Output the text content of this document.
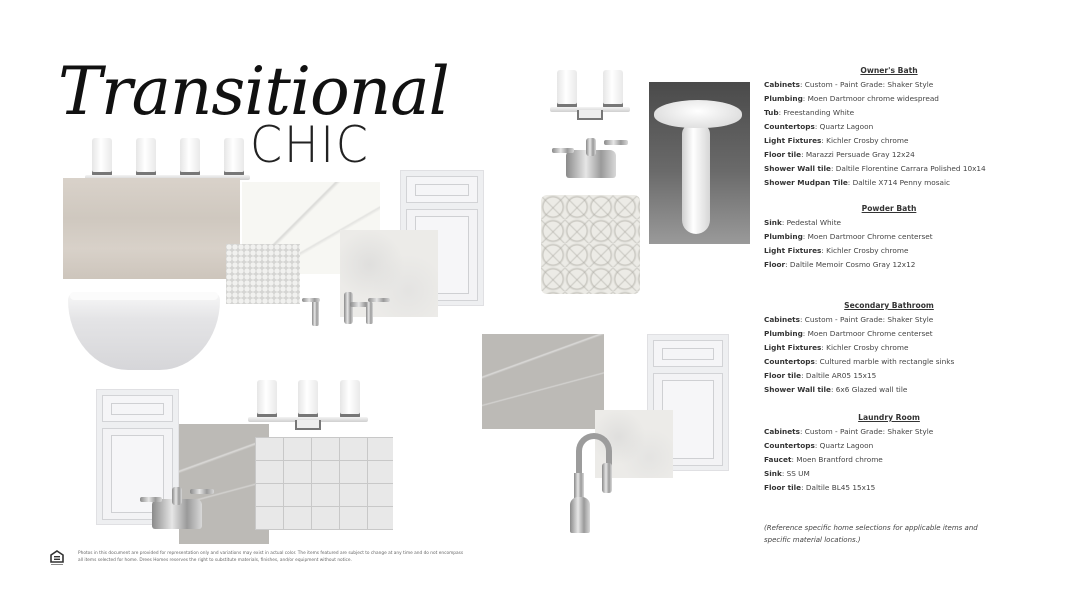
Transitional
CHIC
Owner's Bath
Cabinets: Custom - Paint Grade: Shaker Style
Plumbing: Moen Dartmoor chrome widespread
Tub: Freestanding White
Countertops: Quartz Lagoon
Light Fixtures: Kichler Crosby chrome
Floor tile: Marazzi Persuade Gray 12x24
Shower Wall tile: Daltile Florentine Carrara Polished 10x14
Shower Mudpan Tile: Daltile X714 Penny mosaic
Powder Bath
Sink: Pedestal White
Plumbing: Moen Dartmoor Chrome centerset
Light Fixtures: Kichler Crosby chrome
Floor: Daltile Memoir Cosmo Gray 12x12
Secondary Bathroom
Cabinets: Custom - Paint Grade: Shaker Style
Plumbing: Moen Dartmoor Chrome centerset
Light Fixtures: Kichler Crosby chrome
Countertops: Cultured marble with rectangle sinks
Floor tile: Daltile AR05 15x15
Shower Wall tile: 6x6 Glazed wall tile
Laundry Room
Cabinets: Custom - Paint Grade: Shaker Style
Countertops: Quartz Lagoon
Faucet: Moen Brantford chrome
Sink: SS UM
Floor tile: Daltile BL45 15x15
(Reference specific home selections for applicable items and specific material locations.)
Photos in this document are provided for representation only and variations may exist in actual color. The items featured are subject to change at any time and do not encompass all items selected for home. Drees Homes reserves the right to substitute materials, finishes, and/or equipment without notice.
